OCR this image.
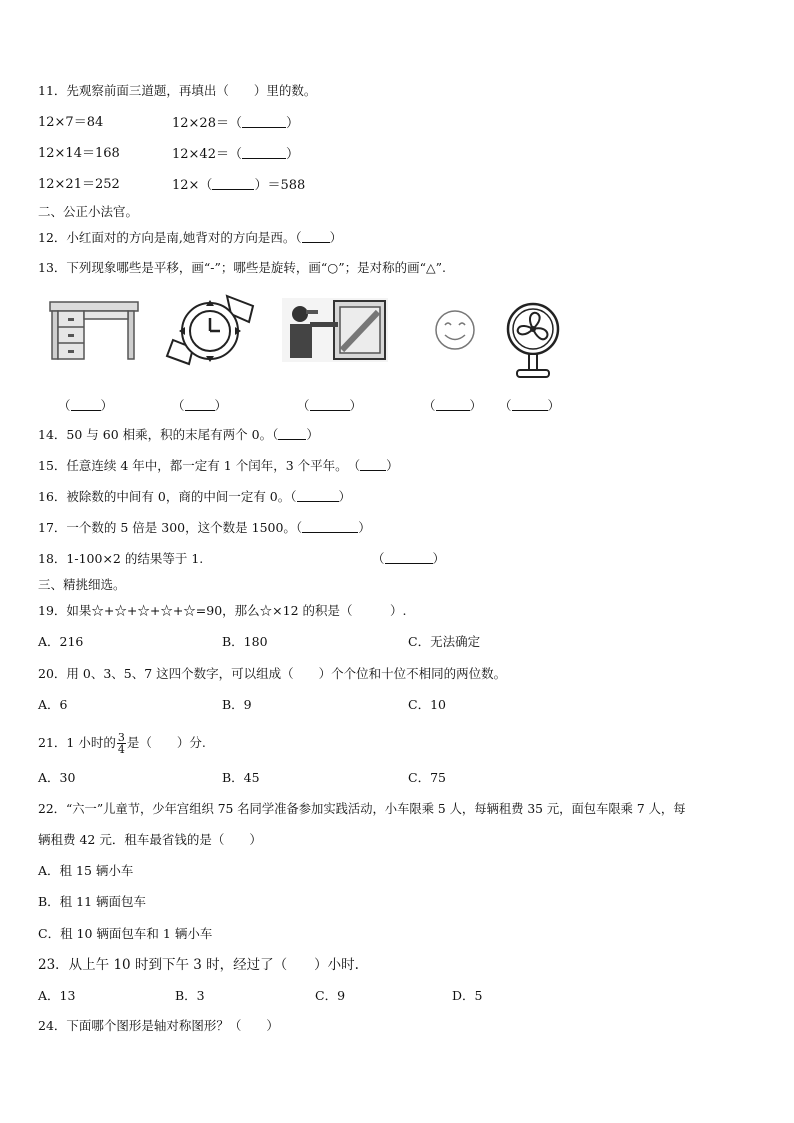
11．先观察前面三道题，再填出（　　）里的数。
12×7＝84	12×28＝（	）
12×14＝168	12×42＝（	）
12×21＝252	12×（	）＝588
二、公正小法官。
12．小红面对的方向是南,她背对的方向是西。（ ）
13．下列现象哪些是平移，画“-”；哪些是旋转，画“○”；是对称的画“△”.
（ ）	（ ）	（	）	（	） （	）
14．50 与 60 相乘，积的末尾有两个 0。（ ）
15．任意连续 4 年中，都一定有 1 个闰年，3 个平年。　（ ）
16．被除数的中间有 0，商的中间一定有 0。（	）
17．一个数的 5 倍是 300，这个数是 1500。（	）
18．1-100×2 的结果等于 1.	（	）
三、精挑细选。
19．如果☆+☆+☆+☆+☆=90，那么☆×12 的积是（　　　）.
A．216	B．180	C．无法确定
20．用 0、3、5、7 这四个数字，可以组成（　　）个个位和十位不相同的两位数。
A．6	B．9	C．10
21．1 小时的 $\frac{3}{4}$ 是（　　）分.
A．30	B．45	C．75
22．“六一”儿童节，少年宫组织 75 名同学准备参加实践活动，小车限乘 5 人，每辆租费 35 元，面包车限乘 7 人，每
辆租费 42 元．租车最省钱的是（　　）
A．租 15 辆小车
B．租 11 辆面包车
C．租 10 辆面包车和 1 辆小车
23．从上午 10 时到下午 3 时，经过了（　　）小时.
A．13	B．3	C．9	D．5
24．下面哪个图形是轴对称图形？（　　）
